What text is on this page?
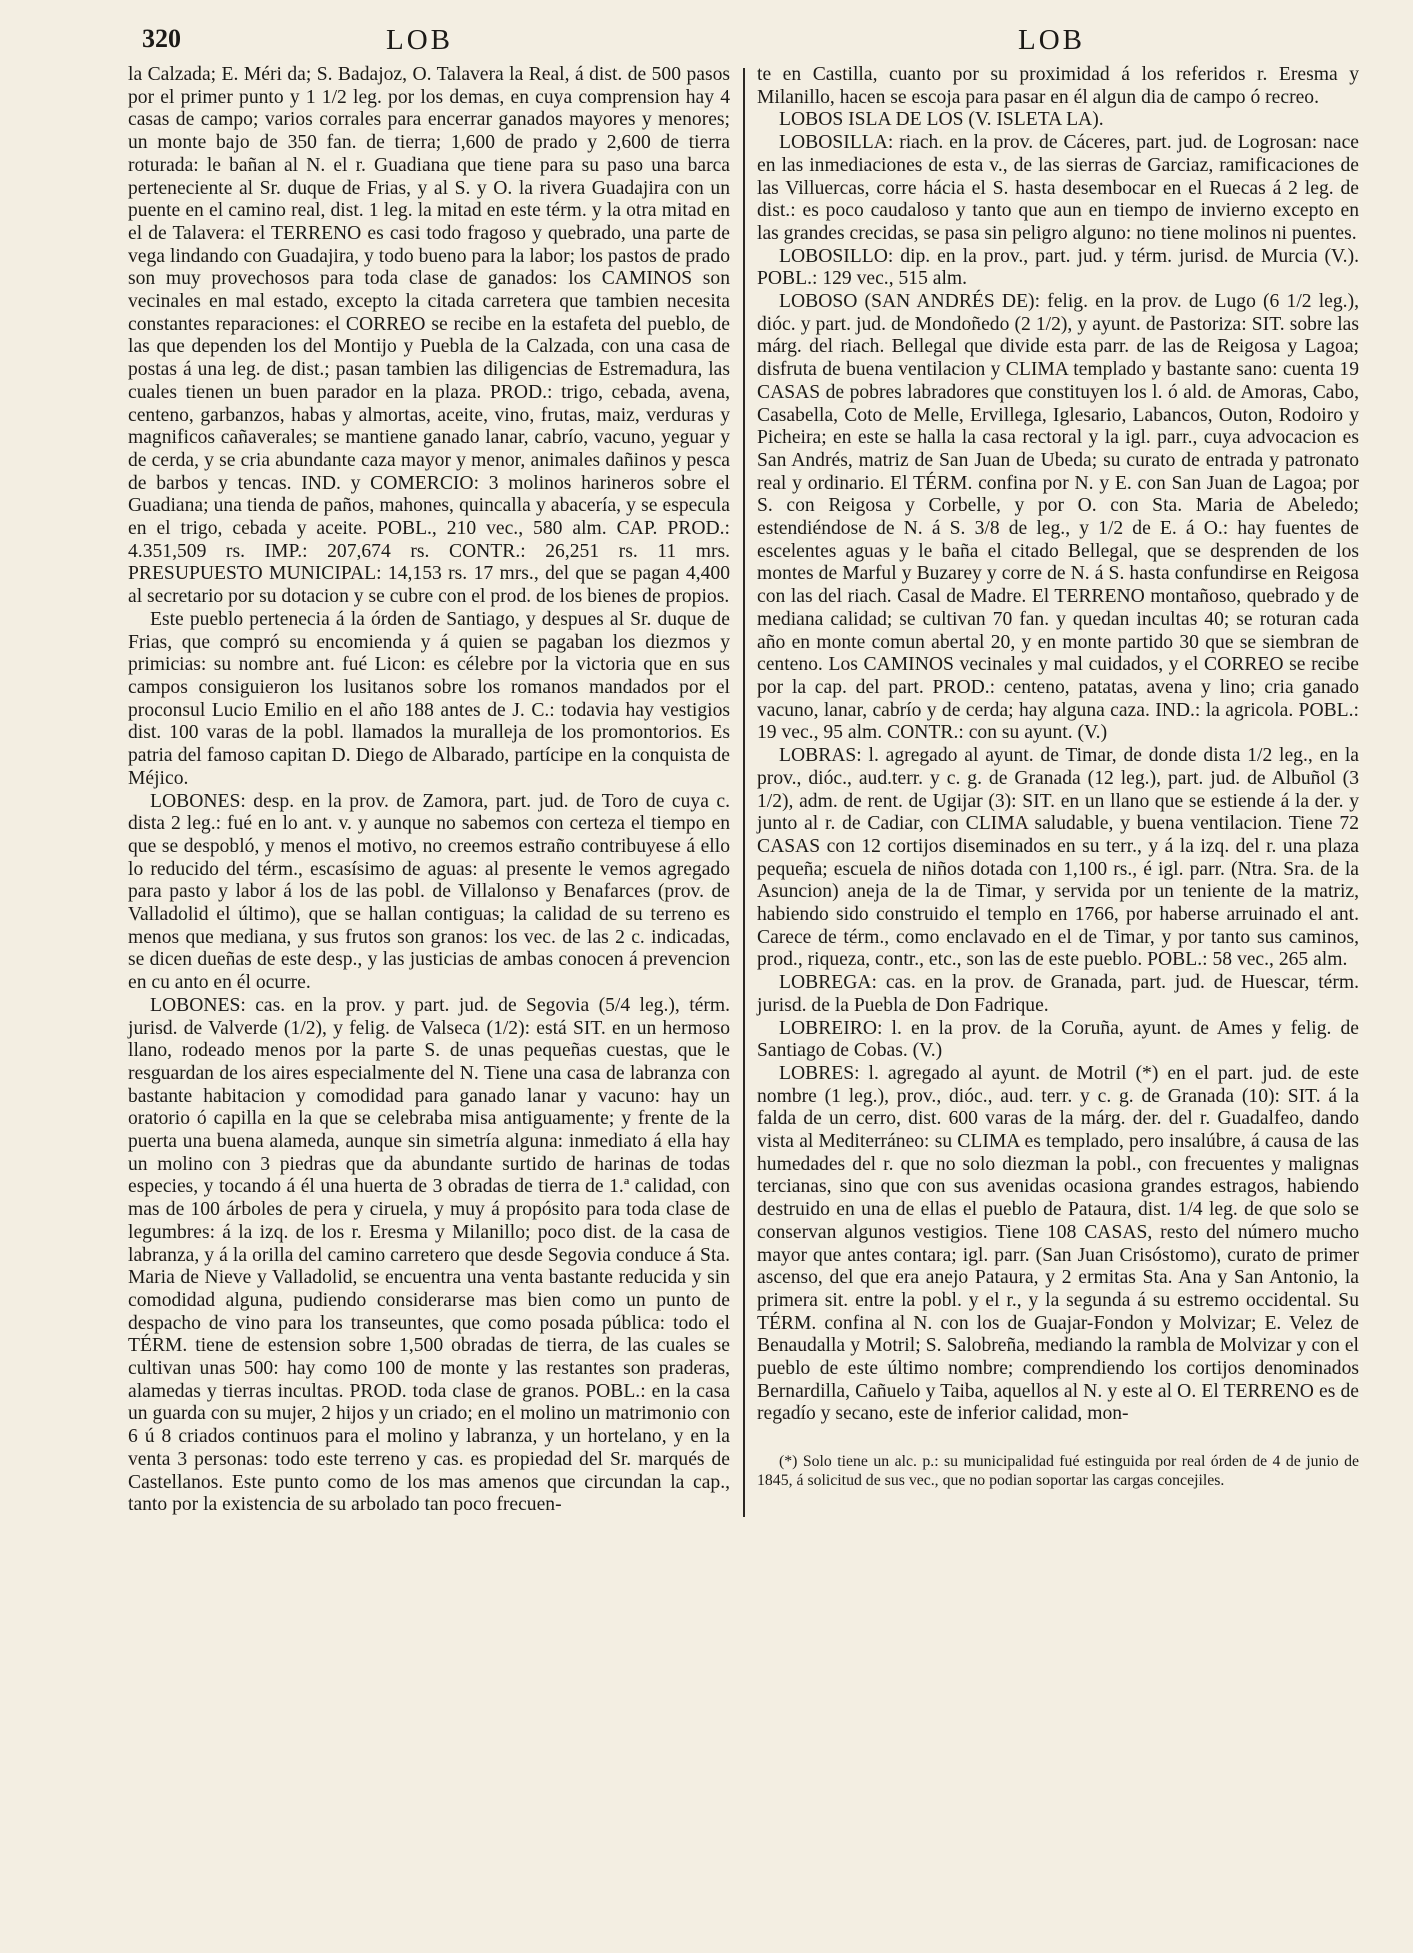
320	LOB	LOB

la Calzada; E. Méri da; S. Badajoz, O. Talavera la Real, á dist. de 500 pasos por el primer punto y 1 1/2 leg. por los demas, en cuya comprension hay 4 casas de campo; varios corrales para encerrar ganados mayores y menores; un monte bajo de 350 fan. de tierra; 1,600 de prado y 2,600 de tierra roturada: le bañan al N. el r. Guadiana que tiene para su paso una barca perteneciente al Sr. duque de Frias, y al S. y O. la rivera Guadajira con un puente en el camino real, dist. 1 leg. la mitad en este térm. y la otra mitad en el de Talavera: el TERRENO es casi todo fragoso y quebrado, una parte de vega lindando con Guadajira, y todo bueno para la labor; los pastos de prado son muy provechosos para toda clase de ganados: los CAMINOS son vecinales en mal estado, excepto la citada carretera que tambien necesita constantes reparaciones: el CORREO se recibe en la estafeta del pueblo, de las que dependen los del Montijo y Puebla de la Calzada, con una casa de postas á una leg. de dist.; pasan tambien las diligencias de Estremadura, las cuales tienen un buen parador en la plaza. PROD.: trigo, cebada, avena, centeno, garbanzos, habas y almortas, aceite, vino, frutas, maiz, verduras y magnificos cañaverales; se mantiene ganado lanar, cabrío, vacuno, yeguar y de cerda, y se cria abundante caza mayor y menor, animales dañinos y pesca de barbos y tencas. IND. y COMERCIO: 3 molinos harineros sobre el Guadiana; una tienda de paños, mahones, quincalla y abacería, y se especula en el trigo, cebada y aceite. POBL., 210 vec., 580 alm. CAP. PROD.: 4.351,509 rs. IMP.: 207,674 rs. CONTR.: 26,251 rs. 11 mrs. PRESUPUESTO MUNICIPAL: 14,153 rs. 17 mrs., del que se pagan 4,400 al secretario por su dotacion y se cubre con el prod. de los bienes de propios.

Este pueblo pertenecia á la órden de Santiago, y despues al Sr. duque de Frias, que compró su encomienda y á quien se pagaban los diezmos y primicias: su nombre ant. fué Licon: es célebre por la victoria que en sus campos consiguieron los lusitanos sobre los romanos mandados por el proconsul Lucio Emilio en el año 188 antes de J. C.: todavia hay vestigios dist. 100 varas de la pobl. llamados la muralleja de los promontorios. Es patria del famoso capitan D. Diego de Albarado, partícipe en la conquista de Méjico.

LOBONES: desp. en la prov. de Zamora, part. jud. de Toro de cuya c. dista 2 leg.: fué en lo ant. v. y aunque no sabemos con certeza el tiempo en que se despobló, y menos el motivo, no creemos estraño contribuyese á ello lo reducido del térm., escasísimo de aguas: al presente le vemos agregado para pasto y labor á los de las pobl. de Villalonso y Benafarces (prov. de Valladolid el último), que se hallan contiguas; la calidad de su terreno es menos que mediana, y sus frutos son granos: los vec. de las 2 c. indicadas, se dicen dueñas de este desp., y las justicias de ambas conocen á prevencion en cu anto en él ocurre.

LOBONES: cas. en la prov. y part. jud. de Segovia (5/4 leg.), térm. jurisd. de Valverde (1/2), y felig. de Valseca (1/2): está SIT. en un hermoso llano, rodeado menos por la parte S. de unas pequeñas cuestas, que le resguardan de los aires especialmente del N. Tiene una casa de labranza con bastante habitacion y comodidad para ganado lanar y vacuno: hay un oratorio ó capilla en la que se celebraba misa antiguamente; y frente de la puerta una buena alameda, aunque sin simetría alguna: inmediato á ella hay un molino con 3 piedras que da abundante surtido de harinas de todas especies, y tocando á él una huerta de 3 obradas de tierra de 1.ª calidad, con mas de 100 árboles de pera y ciruela, y muy á propósito para toda clase de legumbres: á la izq. de los r. Eresma y Milanillo; poco dist. de la casa de labranza, y á la orilla del camino carretero que desde Segovia conduce á Sta. Maria de Nieve y Valladolid, se encuentra una venta bastante reducida y sin comodidad alguna, pudiendo considerarse mas bien como un punto de despacho de vino para los transeuntes, que como posada pública: todo el TÉRM. tiene de estension sobre 1,500 obradas de tierra, de las cuales se cultivan unas 500: hay como 100 de monte y las restantes son praderas, alamedas y tierras incultas. PROD. toda clase de granos. POBL.: en la casa un guarda con su mujer, 2 hijos y un criado; en el molino un matrimonio con 6 ú 8 criados continuos para el molino y labranza, y un hortelano, y en la venta 3 personas: todo este terreno y cas. es propiedad del Sr. marqués de Castellanos. Este punto como de los mas amenos que circundan la cap., tanto por la existencia de su arbolado tan poco frecuen-

te en Castilla, cuanto por su proximidad á los referidos r. Eresma y Milanillo, hacen se escoja para pasar en él algun dia de campo ó recreo.

LOBOS ISLA DE LOS (V. ISLETA LA).

LOBOSILLA: riach. en la prov. de Cáceres, part. jud. de Logrosan: nace en las inmediaciones de esta v., de las sierras de Garciaz, ramificaciones de las Villuercas, corre hácia el S. hasta desembocar en el Ruecas á 2 leg. de dist.: es poco caudaloso y tanto que aun en tiempo de invierno excepto en las grandes crecidas, se pasa sin peligro alguno: no tiene molinos ni puentes.

LOBOSILLO: dip. en la prov., part. jud. y térm. jurisd. de Murcia (V.). POBL.: 129 vec., 515 alm.

LOBOSO (SAN ANDRÉS DE): felig. en la prov. de Lugo (6 1/2 leg.), dióc. y part. jud. de Mondoñedo (2 1/2), y ayunt. de Pastoriza: SIT. sobre las márg. del riach. Bellegal que divide esta parr. de las de Reigosa y Lagoa; disfruta de buena ventilacion y CLIMA templado y bastante sano: cuenta 19 CASAS de pobres labradores que constituyen los l. ó ald. de Amoras, Cabo, Casabella, Coto de Melle, Ervillega, Iglesario, Labancos, Outon, Rodoiro y Picheira; en este se halla la casa rectoral y la igl. parr., cuya advocacion es San Andrés, matriz de San Juan de Ubeda; su curato de entrada y patronato real y ordinario. El TÉRM. confina por N. y E. con San Juan de Lagoa; por S. con Reigosa y Corbelle, y por O. con Sta. Maria de Abeledo; estendiéndose de N. á S. 3/8 de leg., y 1/2 de E. á O.: hay fuentes de escelentes aguas y le baña el citado Bellegal, que se desprenden de los montes de Marful y Buzarey y corre de N. á S. hasta confundirse en Reigosa con las del riach. Casal de Madre. El TERRENO montañoso, quebrado y de mediana calidad; se cultivan 70 fan. y quedan incultas 40; se roturan cada año en monte comun abertal 20, y en monte partido 30 que se siembran de centeno. Los CAMINOS vecinales y mal cuidados, y el CORREO se recibe por la cap. del part. PROD.: centeno, patatas, avena y lino; cria ganado vacuno, lanar, cabrío y de cerda; hay alguna caza. IND.: la agricola. POBL.: 19 vec., 95 alm. CONTR.: con su ayunt. (V.)

LOBRAS: l. agregado al ayunt. de Timar, de donde dista 1/2 leg., en la prov., dióc., aud.terr. y c. g. de Granada (12 leg.), part. jud. de Albuñol (3 1/2), adm. de rent. de Ugijar (3): SIT. en un llano que se estiende á la der. y junto al r. de Cadiar, con CLIMA saludable, y buena ventilacion. Tiene 72 CASAS con 12 cortijos diseminados en su terr., y á la izq. del r. una plaza pequeña; escuela de niños dotada con 1,100 rs., é igl. parr. (Ntra. Sra. de la Asuncion) aneja de la de Timar, y servida por un teniente de la matriz, habiendo sido construido el templo en 1766, por haberse arruinado el ant. Carece de térm., como enclavado en el de Timar, y por tanto sus caminos, prod., riqueza, contr., etc., son las de este pueblo. POBL.: 58 vec., 265 alm.

LOBREGA: cas. en la prov. de Granada, part. jud. de Huescar, térm. jurisd. de la Puebla de Don Fadrique.

LOBREIRO: l. en la prov. de la Coruña, ayunt. de Ames y felig. de Santiago de Cobas. (V.)

LOBRES: l. agregado al ayunt. de Motril (*) en el part. jud. de este nombre (1 leg.), prov., dióc., aud. terr. y c. g. de Granada (10): SIT. á la falda de un cerro, dist. 600 varas de la márg. der. del r. Guadalfeo, dando vista al Mediterráneo: su CLIMA es templado, pero insalúbre, á causa de las humedades del r. que no solo diezman la pobl., con frecuentes y malignas tercianas, sino que con sus avenidas ocasiona grandes estragos, habiendo destruido en una de ellas el pueblo de Pataura, dist. 1/4 leg. de que solo se conservan algunos vestigios. Tiene 108 CASAS, resto del número mucho mayor que antes contara; igl. parr. (San Juan Crisóstomo), curato de primer ascenso, del que era anejo Pataura, y 2 ermitas Sta. Ana y San Antonio, la primera sit. entre la pobl. y el r., y la segunda á su estremo occidental. Su TÉRM. confina al N. con los de Guajar-Fondon y Molvizar; E. Velez de Benaudalla y Motril; S. Salobreña, mediando la rambla de Molvizar y con el pueblo de este último nombre; comprendiendo los cortijos denominados Bernardilla, Cañuelo y Taiba, aquellos al N. y este al O. El TERRENO es de regadío y secano, este de inferior calidad, mon-

(*) Solo tiene un alc. p.: su municipalidad fué estinguida por real órden de 4 de junio de 1845, á solicitud de sus vec., que no podian soportar las cargas concejiles.
